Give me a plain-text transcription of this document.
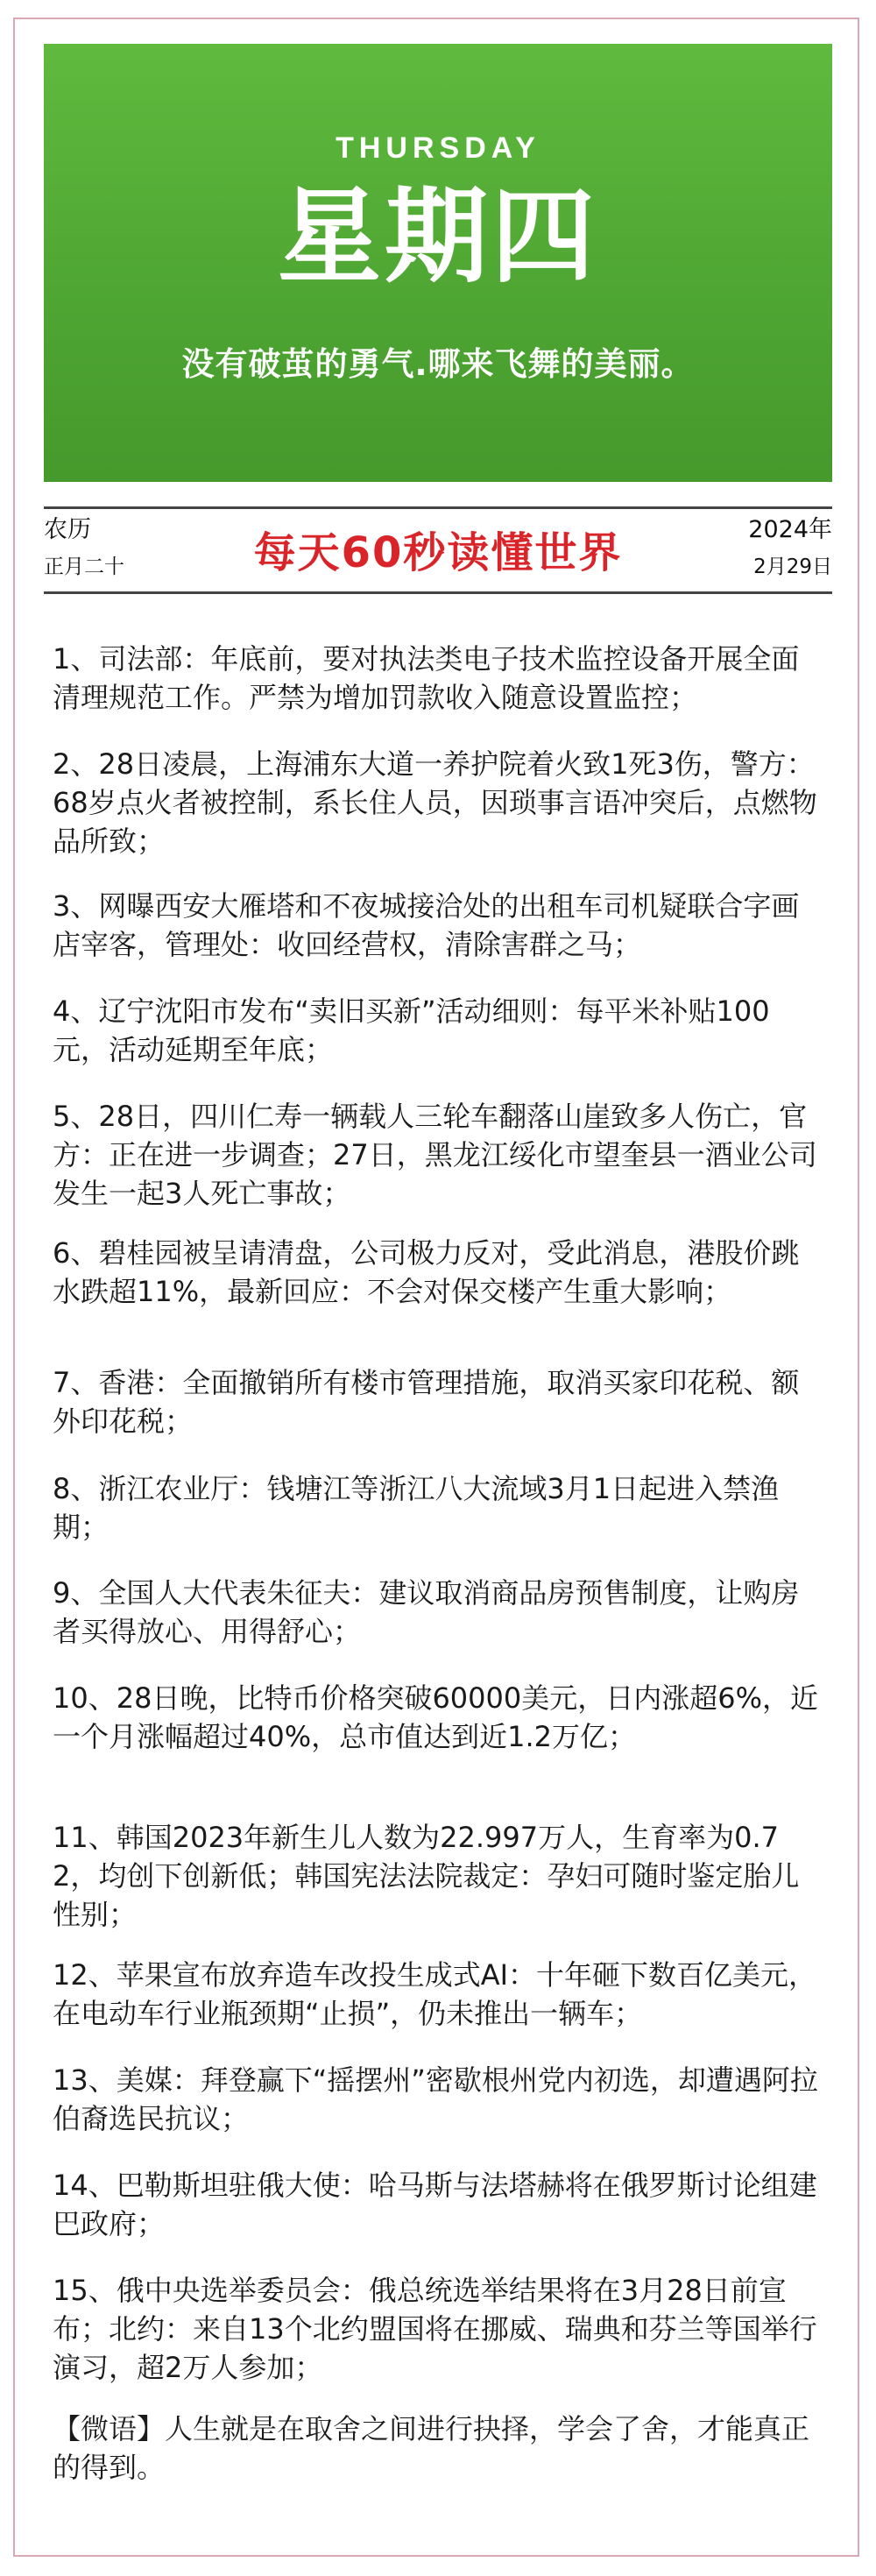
THURSDAY
星期四
没有破茧的勇气.哪来飞舞的美丽。
农历
正月二十	每天60秒读懂世界	2024年
2月29日
1、司法部：年底前，要对执法类电子技术监控设备开展全面清理规范工作。严禁为增加罚款收入随意设置监控；
2、28日凌晨，上海浦东大道一养护院着火致1死3伤，警方：68岁点火者被控制，系长住人员，因琐事言语冲突后，点燃物品所致；
3、网曝西安大雁塔和不夜城接洽处的出租车司机疑联合字画店宰客，管理处：收回经营权，清除害群之马；
4、辽宁沈阳市发布“卖旧买新”活动细则：每平米补贴100元，活动延期至年底；
5、28日，四川仁寿一辆载人三轮车翻落山崖致多人伤亡，官方：正在进一步调查；27日，黑龙江绥化市望奎县一酒业公司发生一起3人死亡事故；
6、碧桂园被呈请清盘，公司极力反对，受此消息，港股价跳水跌超11%，最新回应：不会对保交楼产生重大影响；
7、香港：全面撤销所有楼市管理措施，取消买家印花税、额外印花税；
8、浙江农业厅：钱塘江等浙江八大流域3月1日起进入禁渔期；
9、全国人大代表朱征夫：建议取消商品房预售制度，让购房者买得放心、用得舒心；
10、28日晚，比特币价格突破60000美元，日内涨超6%，近一个月涨幅超过40%，总市值达到近1.2万亿；
11、韩国2023年新生儿人数为22.997万人，生育率为0.72，均创下创新低；韩国宪法法院裁定：孕妇可随时鉴定胎儿性别；
12、苹果宣布放弃造车改投生成式AI：十年砸下数百亿美元，在电动车行业瓶颈期“止损”，仍未推出一辆车；
13、美媒：拜登赢下“摇摆州”密歇根州党内初选，却遭遇阿拉伯裔选民抗议；
14、巴勒斯坦驻俄大使：哈马斯与法塔赫将在俄罗斯讨论组建巴政府；
15、俄中央选举委员会：俄总统选举结果将在3月28日前宣布；北约：来自13个北约盟国将在挪威、瑞典和芬兰等国举行演习，超2万人参加；
【微语】人生就是在取舍之间进行抉择，学会了舍，才能真正的得到。
